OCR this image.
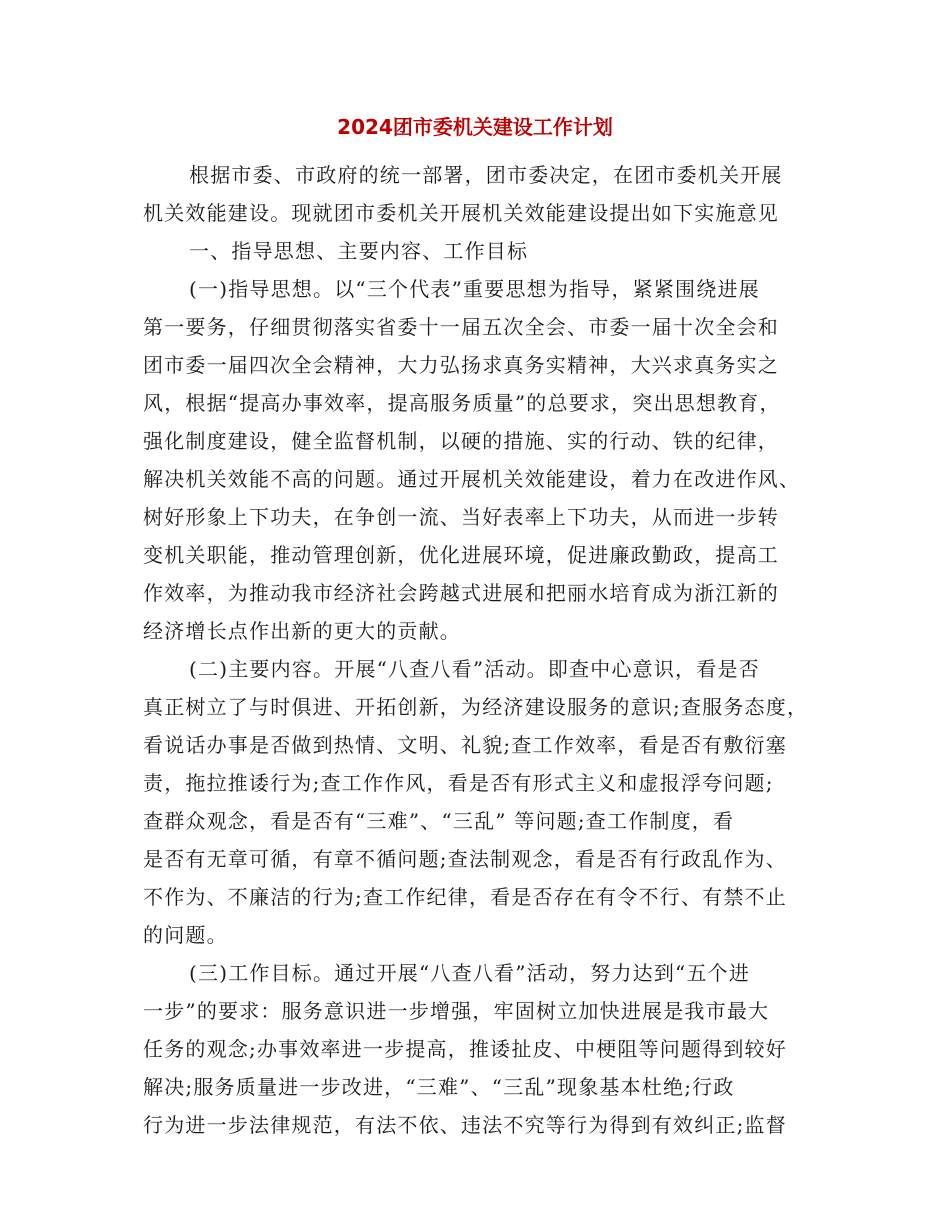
2024团市委机关建设工作计划

根据市委、市政府的统一部署，团市委决定，在团市委机关开展

机关效能建设。现就团市委机关开展机关效能建设提出如下实施意见

一、指导思想、主要内容、工作目标

(一)指导思想。以“三个代表”重要思想为指导，紧紧围绕进展

第一要务，仔细贯彻落实省委十一届五次全会、市委一届十次全会和

团市委一届四次全会精神，大力弘扬求真务实精神，大兴求真务实之

风，根据“提高办事效率，提高服务质量”的总要求，突出思想教育，

强化制度建设，健全监督机制，以硬的措施、实的行动、铁的纪律，

解决机关效能不高的问题。通过开展机关效能建设，着力在改进作风、

树好形象上下功夫，在争创一流、当好表率上下功夫，从而进一步转

变机关职能，推动管理创新，优化进展环境，促进廉政勤政，提高工

作效率，为推动我市经济社会跨越式进展和把丽水培育成为浙江新的

经济增长点作出新的更大的贡献。

(二)主要内容。开展“八查八看”活动。即查中心意识，看是否

真正树立了与时俱进、开拓创新，为经济建设服务的意识;查服务态度，

看说话办事是否做到热情、文明、礼貌;查工作效率，看是否有敷衍塞

责，拖拉推诿行为;查工作作风，看是否有形式主义和虚报浮夸问题;

查群众观念，看是否有“三难”、“三乱” 等问题;查工作制度，看

是否有无章可循，有章不循问题;查法制观念，看是否有行政乱作为、

不作为、不廉洁的行为;查工作纪律，看是否存在有令不行、有禁不止

的问题。

(三)工作目标。通过开展“八查八看”活动，努力达到“五个进

一步”的要求：服务意识进一步增强，牢固树立加快进展是我市最大

任务的观念;办事效率进一步提高，推诿扯皮、中梗阻等问题得到较好

解决;服务质量进一步改进，“三难”、“三乱”现象基本杜绝;行政

行为进一步法律规范，有法不依、违法不究等行为得到有效纠正;监督
